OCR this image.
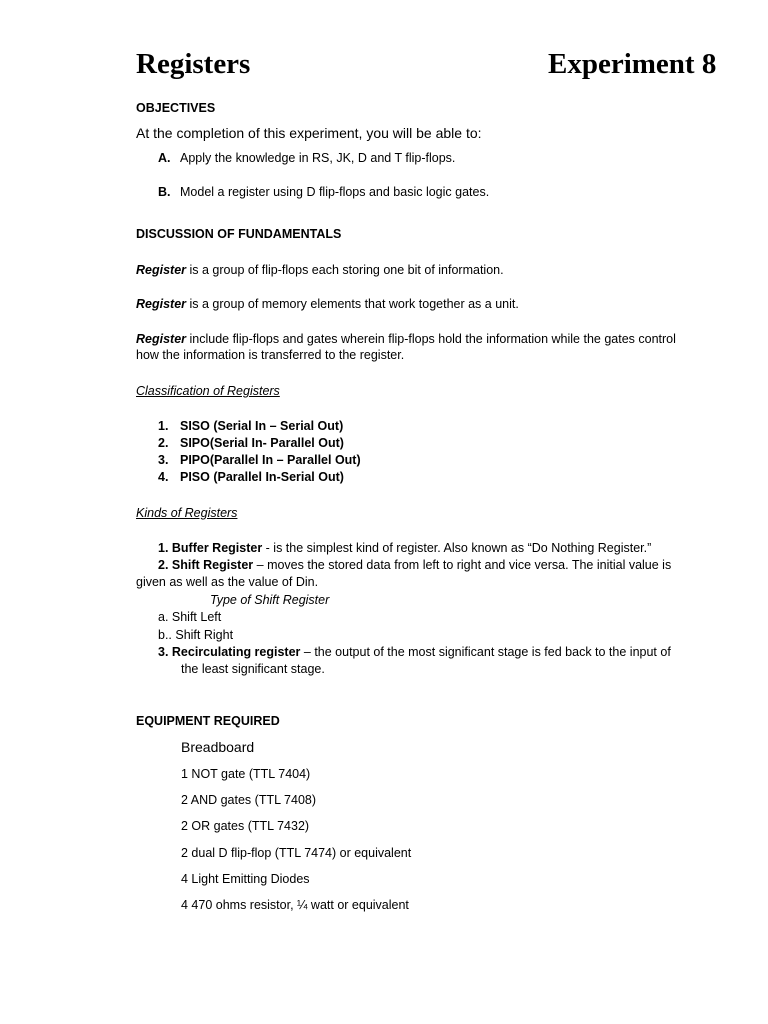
Registers	Experiment 8
OBJECTIVES
At the completion of this experiment, you will be able to:
A. Apply the knowledge in RS, JK, D and T flip-flops.
B. Model a register using D flip-flops and basic logic gates.
DISCUSSION OF FUNDAMENTALS
Register is a group of flip-flops each storing one bit of information.
Register is a group of memory elements that work together as a unit.
Register include flip-flops and gates wherein flip-flops hold the information while the gates control how the information is transferred to the register.
Classification of Registers
1. SISO (Serial In – Serial Out)
2. SIPO(Serial In- Parallel Out)
3. PIPO(Parallel In – Parallel Out)
4. PISO (Parallel In-Serial Out)
Kinds of Registers
1. Buffer Register - is the simplest kind of register. Also known as “Do Nothing Register.”
2. Shift Register – moves the stored data from left to right and vice versa. The initial value is
given as well as the value of Din.
Type of Shift Register
a. Shift Left
b.. Shift Right
3. Recirculating register – the output of the most significant stage is fed back to the input of
the least significant stage.
EQUIPMENT REQUIRED
Breadboard
1 NOT gate (TTL 7404)
2 AND gates (TTL 7408)
2 OR gates (TTL 7432)
2 dual D flip-flop (TTL 7474) or equivalent
4 Light Emitting Diodes
4 470 ohms resistor, ¼ watt or equivalent
